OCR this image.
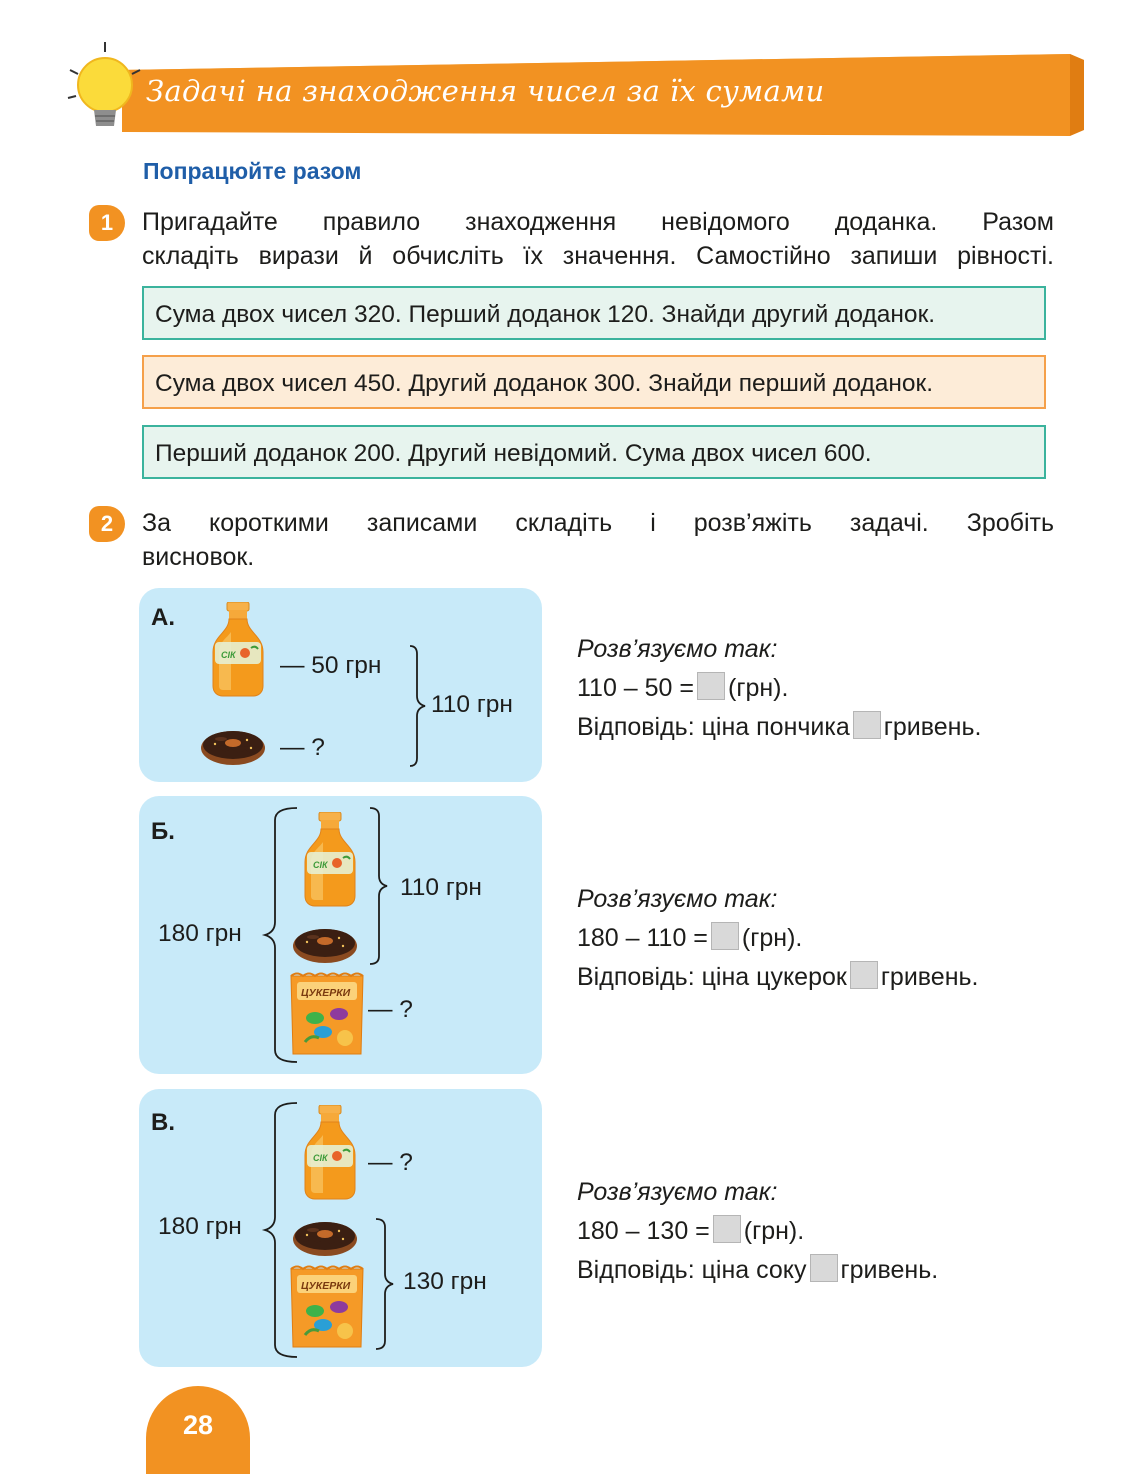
Задачі на знаходження чисел за їх сумами
Попрацюйте разом
1	Пригадайте правило знаходження невідомого доданка. Разом
складіть вирази й обчисліть їх значення. Самостійно запиши рівності.
Сума двох чисел 320. Перший доданок 120. Знайди другий доданок.
Сума двох чисел 450. Другий доданок 300. Знайди перший доданок.
Перший доданок 200. Другий невідомий. Сума двох чисел 600.
2	За короткими записами складіть і розв’яжіть задачі. Зробіть
висновок.
А.
— 50 грн
— ?
110 грн
Розв’язуємо так:
110 – 50 = (грн).
Відповідь: ціна пончика гривень.
Б.
180 грн
110 грн
— ?
Розв’язуємо так:
180 – 110 = (грн).
Відповідь: ціна цукерок гривень.
В.
180 грн
— ?
130 грн
Розв’язуємо так:
180 – 130 = (грн).
Відповідь: ціна соку гривень.
28
